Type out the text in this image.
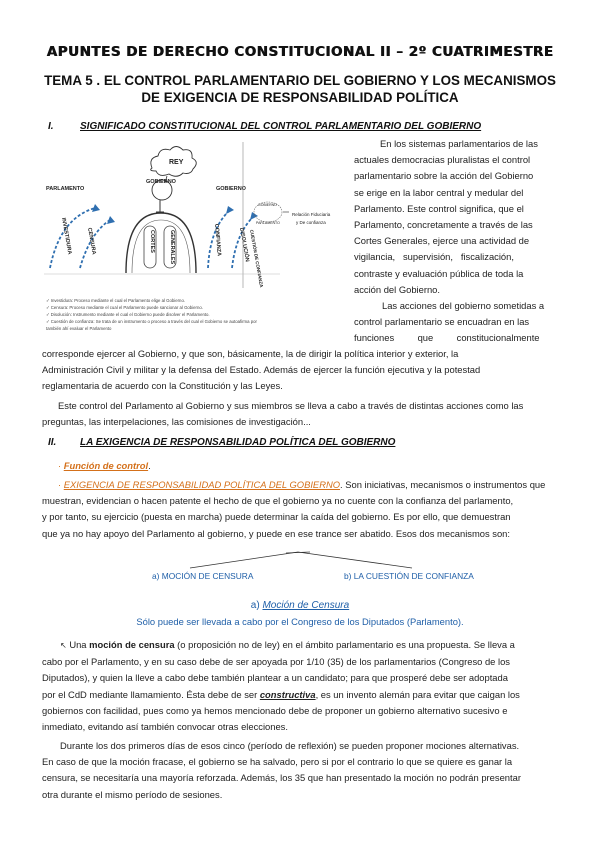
APUNTES DE DERECHO CONSTITUCIONAL II – 2º CUATRIMESTRE
TEMA 5 . EL CONTROL PARLAMENTARIO DEL GOBIERNO Y LOS MECANISMOS
DE EXIGENCIA DE RESPONSABILIDAD POLÍTICA
I.	SIGNIFICADO CONSTITUCIONAL DEL CONTROL PARLAMENTARIO DEL GOBIERNO
REY
GOBIERNO
CORTES	GENERALES
PARLAMENTO
INVESTIDURA CENSURA
GOBIERNO
CONFIANZA	DISOLUCIÓN CUESTIÓN DE CONFIANZA
GOBIERNO
PARLAMENTO
Relación Fiduciaria
y De confianza
✓ Investidura: Proceso mediante el cual el Parlamento elige al Gobierno.
✓ Censura: Proceso mediante el cual el Parlamento puede sancionar al Gobierno.
✓ Disolución: Instrumento mediante el cual el Gobierno puede disolver el Parlamento.
✓ Cuestión de confianza: Se trata de un instrumento o proceso a través del cual el Gobierno se autoafirma por
también ahí evaluar el Parlamento
En los sistemas parlamentarios de las
actuales democracias pluralistas el control
parlamentario sobre la acción del Gobierno
se erige en la labor central y medular del
Parlamento. Este control significa, que el
Parlamento, concretamente a través de las
Cortes Generales, ejerce una actividad de
vigilancia,   supervisión,   fiscalización,
contraste y evaluación pública de toda la
acción del Gobierno.
Las acciones del gobierno sometidas a
control parlamentario se encuadran en las
funciones         que         constitucionalmente
corresponde ejercer al Gobierno, y que son, básicamente, la de dirigir la política interior y exterior, la
Administración Civil y militar y la defensa del Estado. Además de ejercer la función ejecutiva y la potestad
reglamentaria de acuerdo con la Constitución y las Leyes.
Este control del Parlamento al Gobierno y sus miembros se lleva a cabo a través de distintas acciones como las
preguntas, las interpelaciones, las comisiones de investigación...
II. LA EXIGENCIA DE RESPONSABILIDAD POLÍTICA DEL GOBIERNO
· Función de control.
· EXIGENCIA DE RESPONSABILIDAD POLÍTICA DEL GOBIERNO. Son iniciativas, mecanismos o instrumentos que
muestran, evidencian o hacen patente el hecho de que el gobierno ya no cuente con la confianza del parlamento,
y por tanto, su ejercicio (puesta en marcha) puede determinar la caída del gobierno. Es por ello, que demuestran
que ya no hay apoyo del Parlamento al gobierno, y puede en ese trance ser abatido. Esos dos mecanismos son:
a) MOCIÓN DE CENSURA	b) LA CUESTIÓN DE CONFIANZA
a) Moción de Censura
Sólo puede ser llevada a cabo por el Congreso de los Diputados (Parlamento).
↖ Una moción de censura (o proposición no de ley) en el ámbito parlamentario es una propuesta. Se lleva a
cabo por el Parlamento, y en su caso debe de ser apoyada por 1/10 (35) de los parlamentarios (Congreso de los
Diputados), y quien la lleve a cabo debe también plantear a un candidato; para que prosperé debe ser adoptada
por el CdD mediante llamamiento. Ésta debe de ser constructiva, es un invento alemán para evitar que caigan los
gobiernos con facilidad, pues como ya hemos mencionado debe de proponer un gobierno alternativo sucesivo e
inmediato, evitando así también convocar otras elecciones.
Durante los dos primeros días de esos cinco (período de reflexión) se pueden proponer mociones alternativas.
En caso de que la moción fracase, el gobierno se ha salvado, pero si por el contrario lo que se quiere es ganar la
censura, se necesitaría una mayoría reforzada. Además, los 35 que han presentado la moción no podrán presentar
otra durante el mismo período de sesiones.
